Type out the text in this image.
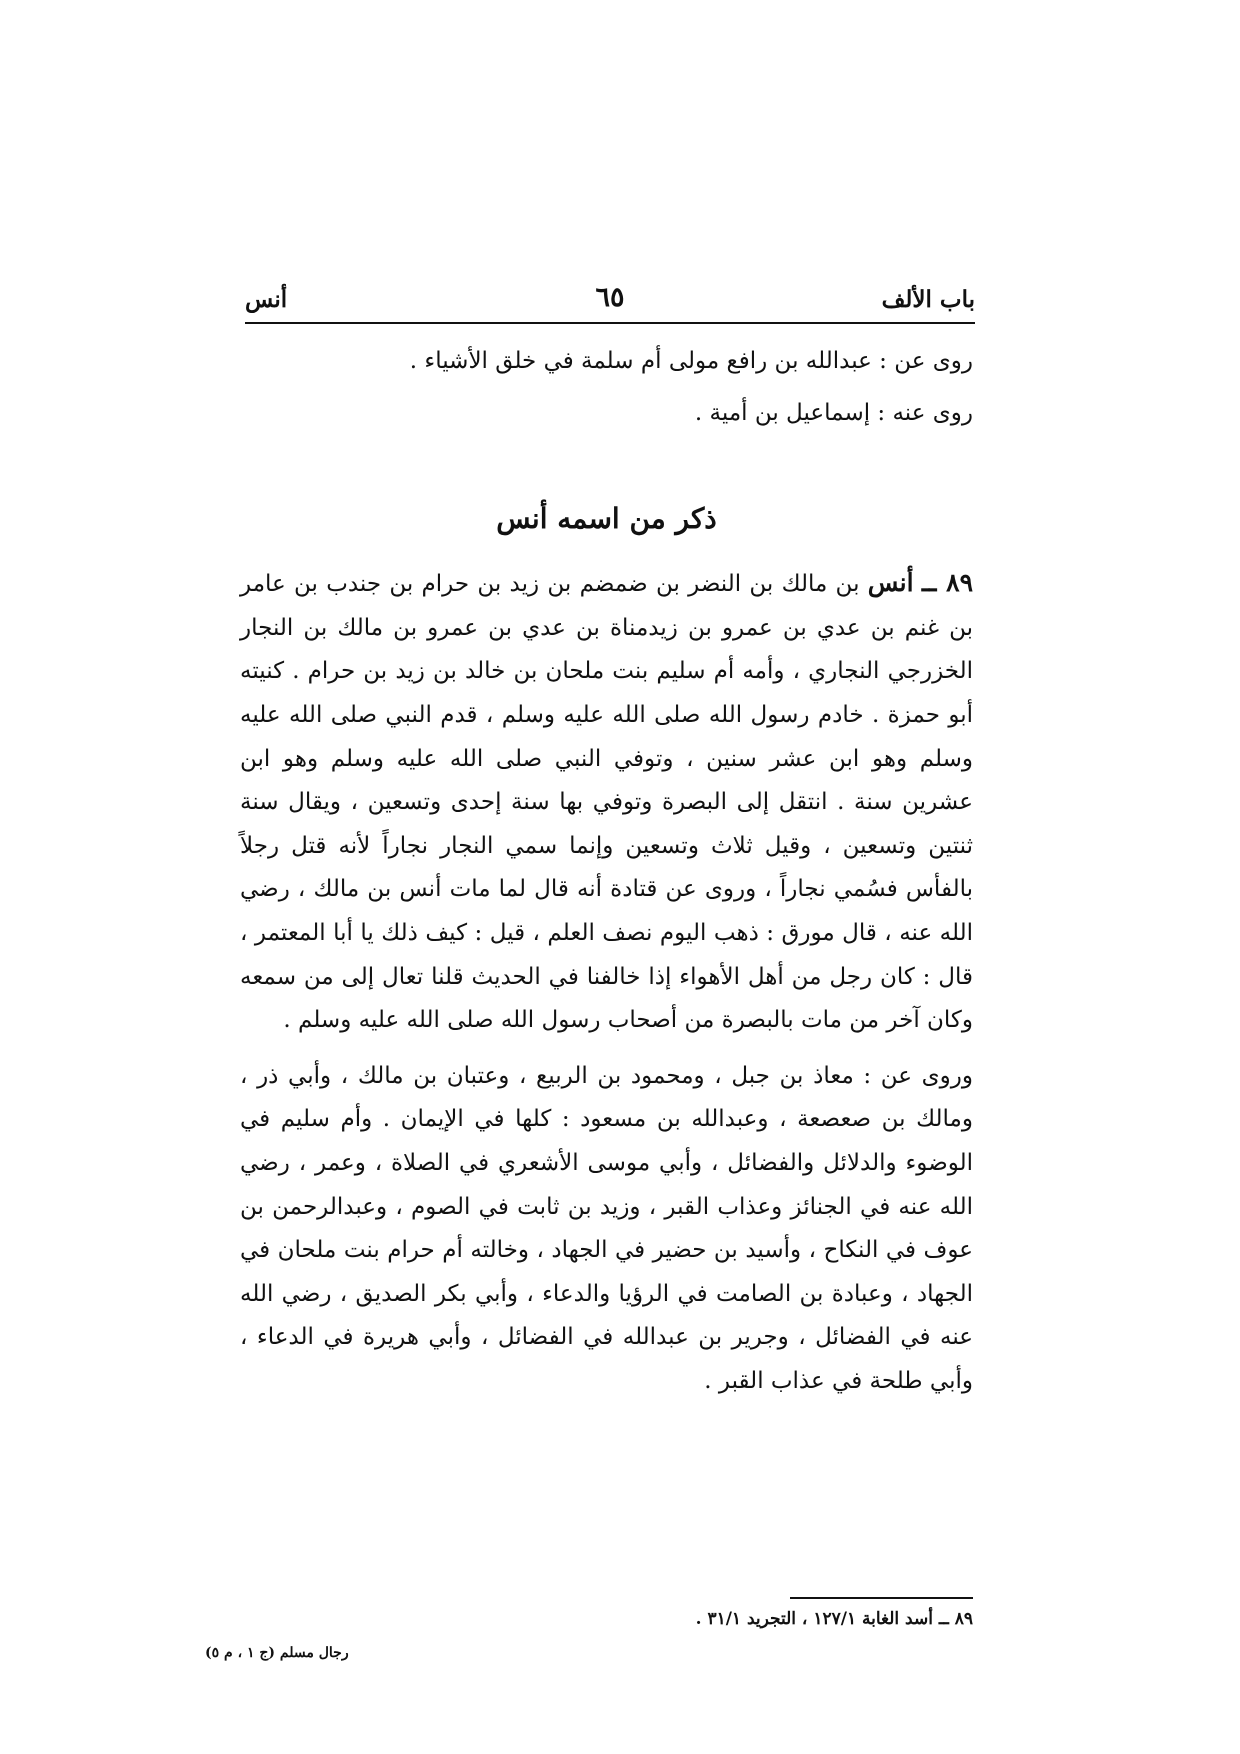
باب الألف
٦٥
أنس

روى عن : عبدالله بن رافع مولى أم سلمة في خلق الأشياء .

روى عنه : إسماعيل بن أمية .

ذكر من اسمه أنس

٨٩ ــ أنس بن مالك بن النضر بن ضمضم بن زيد بن حرام بن جندب بن عامر بن غنم بن عدي بن عمرو بن زيدمناة بن عدي بن عمرو بن مالك بن النجار الخزرجي النجاري ، وأمه أم سليم بنت ملحان بن خالد بن زيد بن حرام . كنيته أبو حمزة . خادم رسول الله صلى الله عليه وسلم ، قدم النبي صلى الله عليه وسلم وهو ابن عشر سنين ، وتوفي النبي صلى الله عليه وسلم وهو ابن عشرين سنة . انتقل إلى البصرة وتوفي بها سنة إحدى وتسعين ، ويقال سنة ثنتين وتسعين ، وقيل ثلاث وتسعين وإنما سمي النجار نجاراً لأنه قتل رجلاً بالفأس فسُمي نجاراً ، وروى عن قتادة أنه قال لما مات أنس بن مالك ، رضي الله عنه ، قال مورق : ذهب اليوم نصف العلم ، قيل : كيف ذلك يا أبا المعتمر ، قال : كان رجل من أهل الأهواء إذا خالفنا في الحديث قلنا تعال إلى من سمعه وكان آخر من مات بالبصرة من أصحاب رسول الله صلى الله عليه وسلم .

وروى عن : معاذ بن جبل ، ومحمود بن الربيع ، وعتبان بن مالك ، وأبي ذر ، ومالك بن صعصعة ، وعبدالله بن مسعود : كلها في الإيمان . وأم سليم في الوضوء والدلائل والفضائل ، وأبي موسى الأشعري في الصلاة ، وعمر ، رضي الله عنه في الجنائز وعذاب القبر ، وزيد بن ثابت في الصوم ، وعبدالرحمن بن عوف في النكاح ، وأسيد بن حضير في الجهاد ، وخالته أم حرام بنت ملحان في الجهاد ، وعبادة بن الصامت في الرؤيا والدعاء ، وأبي بكر الصديق ، رضي الله عنه في الفضائل ، وجرير بن عبدالله في الفضائل ، وأبي هريرة في الدعاء ، وأبي طلحة في عذاب القبر .

٨٩ ــ أسد الغابة ١٢٧/١ ، التجريد ٣١/١ .
رجال مسلم (ج ١ ، م ٥)
